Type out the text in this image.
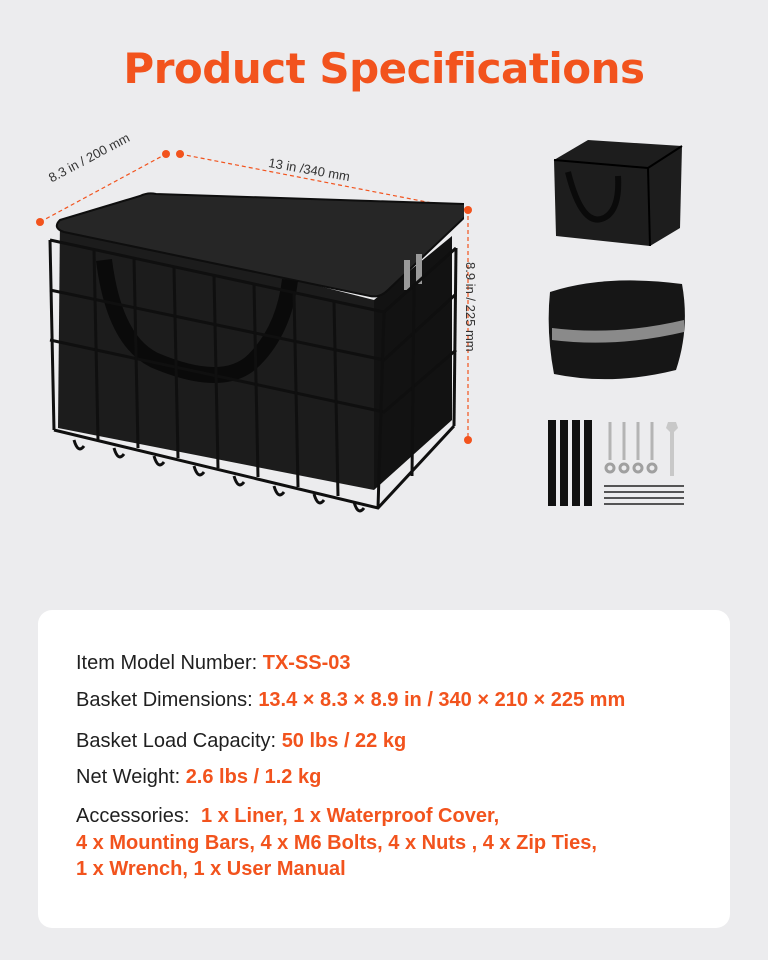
Product Specifications
8.3 in / 200 mm	13 in /340 mm
8.9 in / 225 mm
Item Model Number: TX-SS-03
Basket Dimensions: 13.4 × 8.3 × 8.9 in / 340 × 210 × 225 mm
Basket Load Capacity: 50 lbs / 22 kg
Net Weight: 2.6 lbs / 1.2 kg
Accessories: 1 x Liner, 1 x Waterproof Cover,
4 x Mounting Bars, 4 x M6 Bolts, 4 x Nuts , 4 x Zip Ties,
1 x Wrench, 1 x User Manual
